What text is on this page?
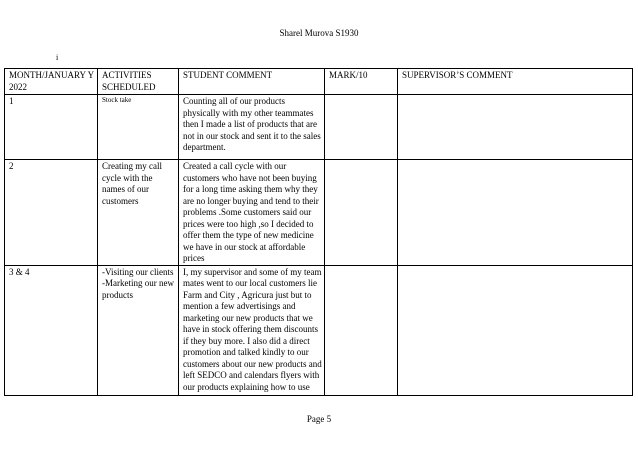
Sharel Murova S1930
i
MONTH/JANUARY Y 2022	ACTIVITIES SCHEDULED	STUDENT COMMENT	MARK/10	SUPERVISOR’S COMMENT
1	Stock take	Counting all of our products physically with my other teammates then I made a list of products that are not in our stock and sent it to the sales department.		
2	Creating my call cycle with the names of our customers	Created a call cycle with our customers who have not been buying for a long time asking them why they are no longer buying and tend to their problems .Some customers said our prices were too high ,so I decided to offer them the type of new medicine we have in our stock at affordable prices		
3 & 4	-Visiting our clients -Marketing our new products	I, my supervisor and some of my team mates went to our local customers lie Farm and City , Agricura just but to mention a few advertisings and marketing our new products that we have in stock offering them discounts if they buy more. I also did a direct promotion and talked kindly to our customers about our new products and left SEDCO and calendars flyers with our products explaining how to use		
Page 5
